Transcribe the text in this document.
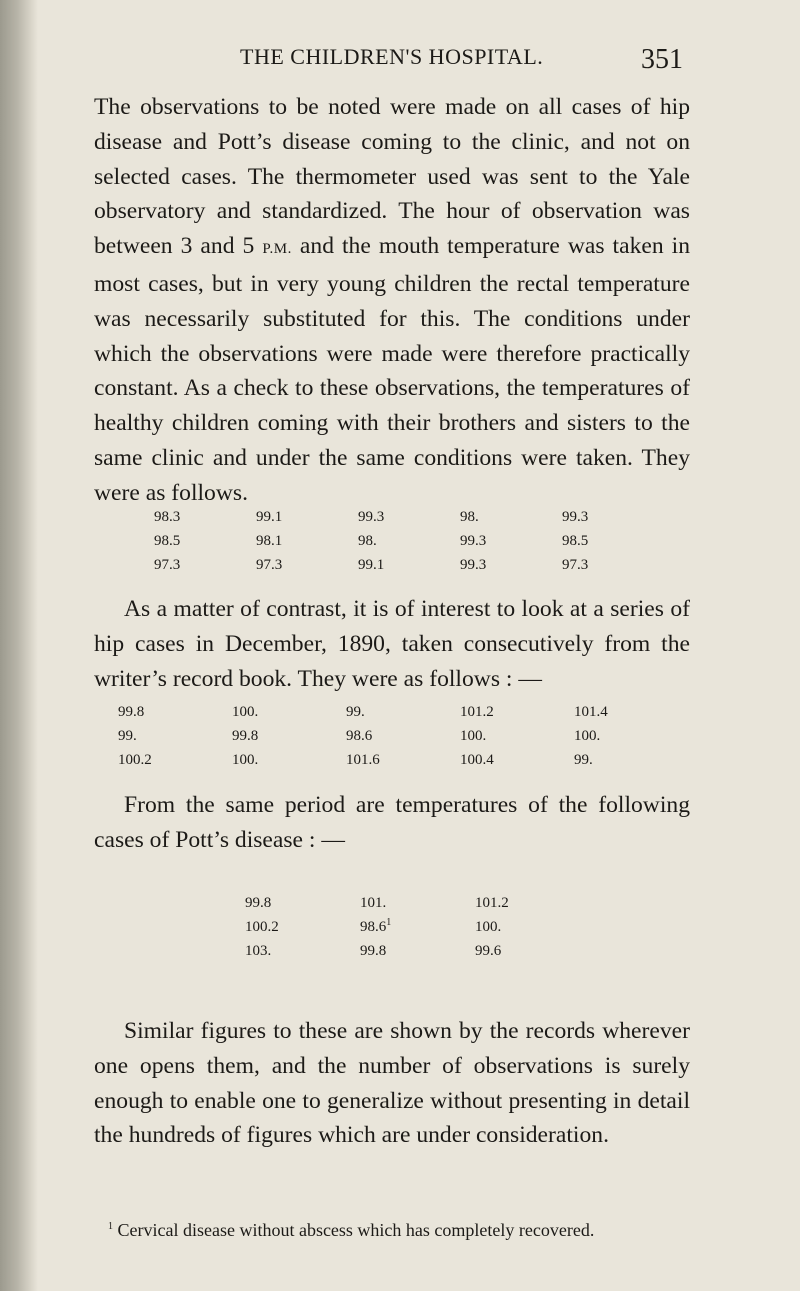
THE CHILDREN'S HOSPITAL.	351

The observations to be noted were made on all cases of hip disease and Pott’s disease coming to the clinic, and not on selected cases. The thermometer used was sent to the Yale observatory and standardized. The hour of observation was between 3 and 5 P.M. and the mouth temperature was taken in most cases, but in very young children the rectal temperature was necessarily substituted for this. The conditions under which the observations were made were therefore practically constant. As a check to these observations, the temperatures of healthy children coming with their brothers and sisters to the same clinic and under the same conditions were taken. They were as follows.

98.3	99.1	99.3	98.	99.3
98.5	98.1	98.	99.3	98.5
97.3	97.3	99.1	99.3	97.3

As a matter of contrast, it is of interest to look at a series of hip cases in December, 1890, taken consecutively from the writer’s record book. They were as follows : —

99.8	100.	99.	101.2	101.4
99.	99.8	98.6	100.	100.
100.2	100.	101.6	100.4	99.

From the same period are temperatures of the following cases of Pott’s disease : —

99.8	101.	101.2
100.2	98.6$^1$	100.
103.	99.8	99.6

Similar figures to these are shown by the records wherever one opens them, and the number of observations is surely enough to enable one to generalize without presenting in detail the hundreds of figures which are under consideration.

$^1$ Cervical disease without abscess which has completely recovered.
